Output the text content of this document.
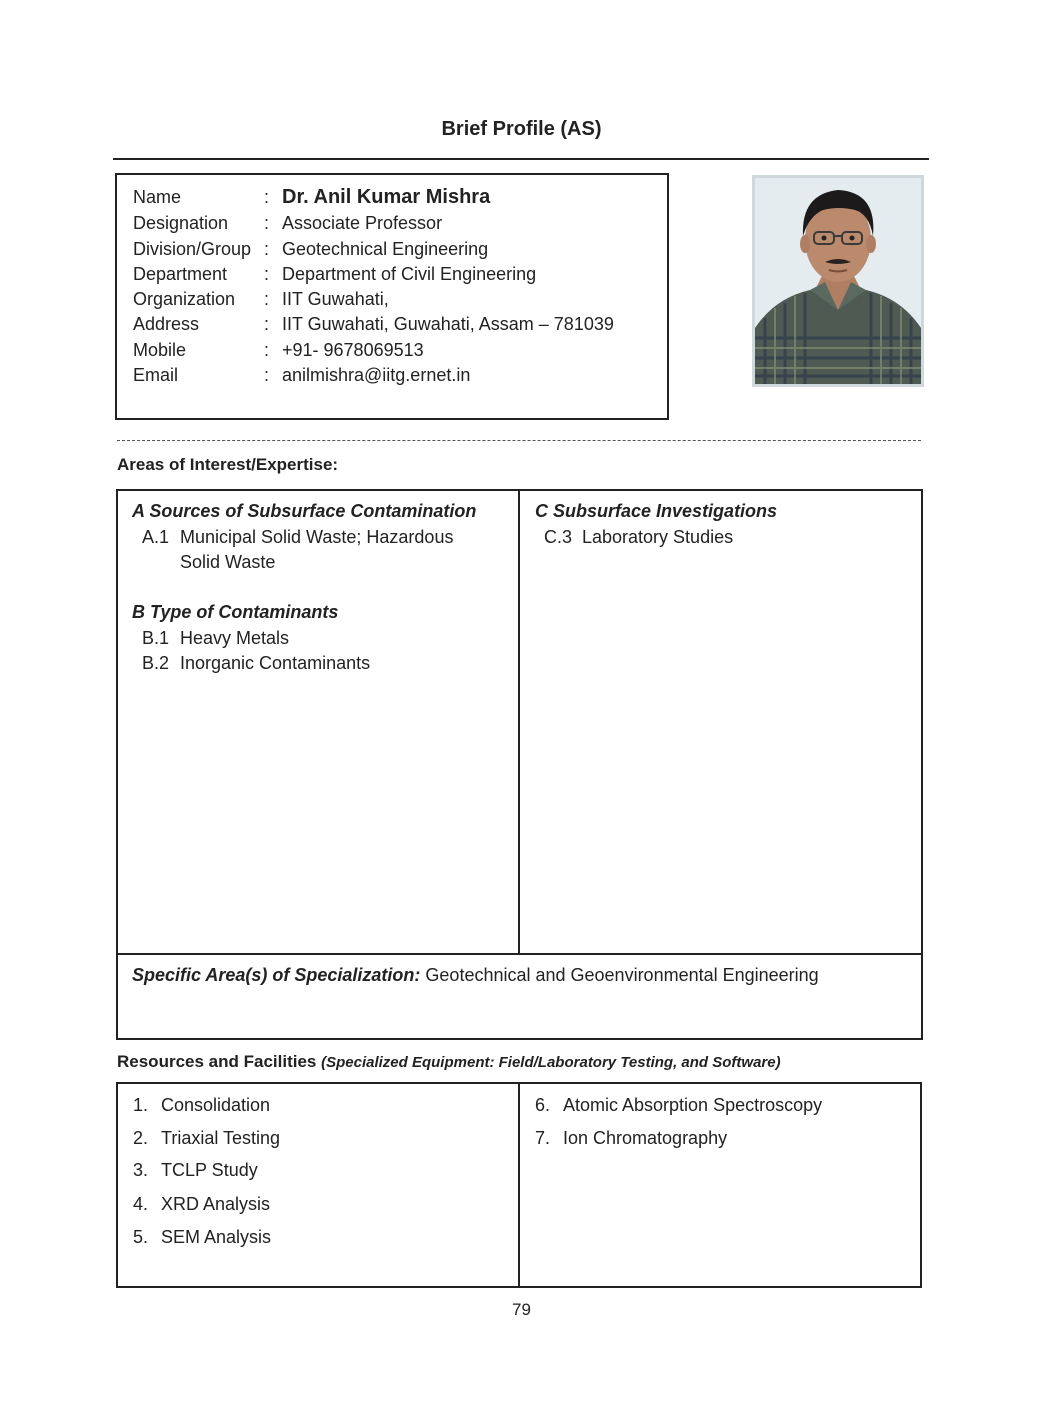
Brief Profile (AS)
Name	: Dr. Anil Kumar Mishra
Designation	: Associate Professor
Division/Group : Geotechnical Engineering
Department	: Department of Civil Engineering
Organization	: IIT Guwahati,
Address	: IIT Guwahati, Guwahati, Assam – 781039
Mobile	: +91- 9678069513
Email	: anilmishra@iitg.ernet.in
Areas of Interest/Expertise:
A Sources of Subsurface Contamination
A.1 Municipal Solid Waste; Hazardous
Solid Waste
B Type of Contaminants
B.1 Heavy Metals
B.2 Inorganic Contaminants
C Subsurface Investigations
C.3 Laboratory Studies
Specific Area(s) of Specialization: Geotechnical and Geoenvironmental Engineering
Resources and Facilities (Specialized Equipment: Field/Laboratory Testing, and Software)
1. Consolidation
2. Triaxial Testing
3. TCLP Study
4. XRD Analysis
5. SEM Analysis
6. Atomic Absorption Spectroscopy
7. Ion Chromatography
79
